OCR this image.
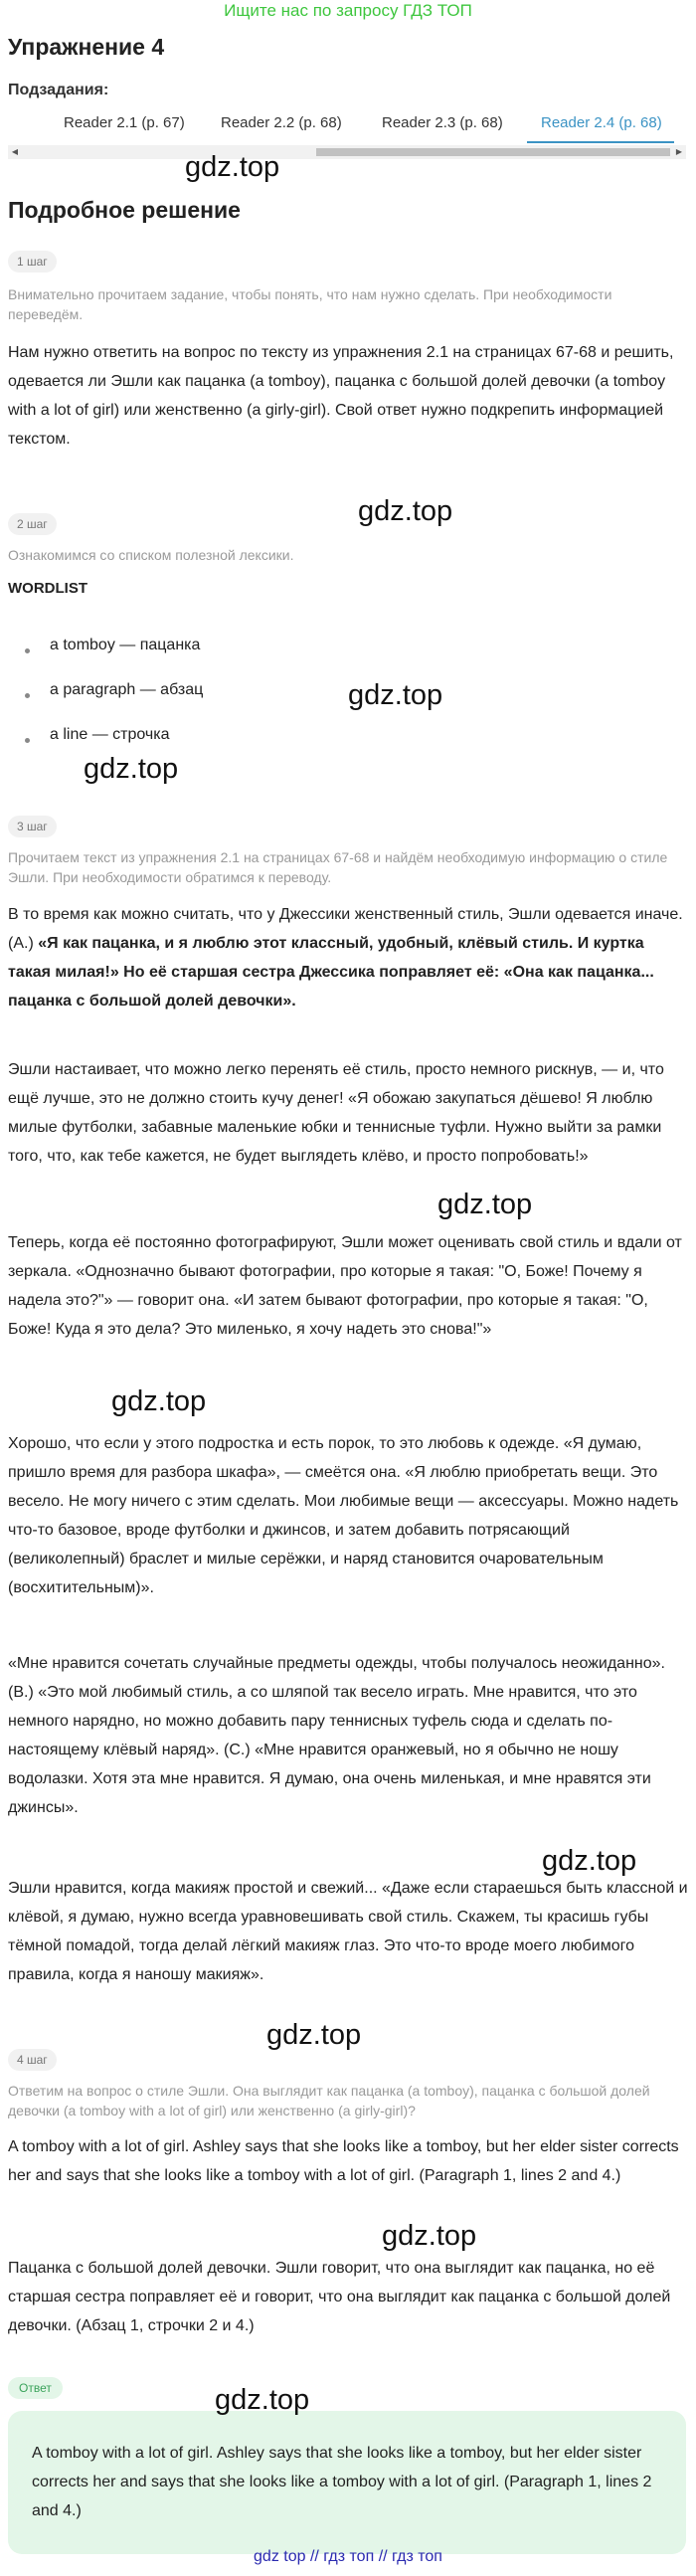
Ищите нас по запросу ГДЗ ТОП
Упражнение 4
Подзадания:
Reader 2.1 (p. 67) Reader 2.2 (p. 68)	Reader 2.3 (p. 68)	Reader 2.4 (p. 68)
◀	▶
gdz.top
Подробное решение
1 шаг
Внимательно прочитаем задание, чтобы понять, что нам нужно сделать. При необходимости переведём.
Нам нужно ответить на вопрос по тексту из упражнения 2.1 на страницах 67-68 и решить, одевается ли Эшли как пацанка (a tomboy), пацанка с большой долей девочки (a tomboy with a lot of girl) или женственно (a girly-girl). Свой ответ нужно подкрепить информацией текстом.
2 шаг	gdz.top
Ознакомимся со списком полезной лексики.
WORDLIST
a tomboy — пацанка
a paragraph — абзац	gdz.top
a line — строчка
gdz.top
3 шаг
Прочитаем текст из упражнения 2.1 на страницах 67-68 и найдём необходимую информацию о стиле Эшли. При необходимости обратимся к переводу.
В то время как можно считать, что у Джессики женственный стиль, Эшли одевается иначе. (А.) «Я как пацанка, и я люблю этот классный, удобный, клёвый стиль. И куртка такая милая!» Но её старшая сестра Джессика поправляет её: «Она как пацанка... пацанка с большой долей девочки».
Эшли настаивает, что можно легко перенять её стиль, просто немного рискнув, — и, что ещё лучше, это не должно стоить кучу денег! «Я обожаю закупаться дёшево! Я люблю милые футболки, забавные маленькие юбки и теннисные туфли. Нужно выйти за рамки того, что, как тебе кажется, не будет выглядеть клёво, и просто попробовать!»
gdz.top
Теперь, когда её постоянно фотографируют, Эшли может оценивать свой стиль и вдали от зеркала. «Однозначно бывают фотографии, про которые я такая: "О, Боже! Почему я надела это?"» — говорит она. «И затем бывают фотографии, про которые я такая: "О, Боже! Куда я это дела? Это миленько, я хочу надеть это снова!"»
gdz.top
Хорошо, что если у этого подростка и есть порок, то это любовь к одежде. «Я думаю, пришло время для разбора шкафа», — смеётся она. «Я люблю приобретать вещи. Это весело. Не могу ничего с этим сделать. Мои любимые вещи — аксессуары. Можно надеть что-то базовое, вроде футболки и джинсов, и затем добавить потрясающий (великолепный) браслет и милые серёжки, и наряд становится очаровательным (восхитительным)».
«Мне нравится сочетать случайные предметы одежды, чтобы получалось неожиданно». (В.) «Это мой любимый стиль, а со шляпой так весело играть. Мне нравится, что это немного нарядно, но можно добавить пару теннисных туфель сюда и сделать по-настоящему клёвый наряд». (С.) «Мне нравится оранжевый, но я обычно не ношу водолазки. Хотя эта мне нравится. Я думаю, она очень миленькая, и мне нравятся эти джинсы».
gdz.top
Эшли нравится, когда макияж простой и свежий... «Даже если стараешься быть классной и клёвой, я думаю, нужно всегда уравновешивать свой стиль. Скажем, ты красишь губы тёмной помадой, тогда делай лёгкий макияж глаз. Это что-то вроде моего любимого правила, когда я наношу макияж».
gdz.top
4 шаг
Ответим на вопрос о стиле Эшли. Она выглядит как пацанка (a tomboy), пацанка с большой долей девочки (a tomboy with a lot of girl) или женственно (a girly-girl)?
A tomboy with a lot of girl. Ashley says that she looks like a tomboy, but her elder sister corrects her and says that she looks like a tomboy with a lot of girl. (Paragraph 1, lines 2 and 4.)
gdz.top
Пацанка с большой долей девочки. Эшли говорит, что она выглядит как пацанка, но её старшая сестра поправляет её и говорит, что она выглядит как пацанка с большой долей девочки. (Абзац 1, строчки 2 и 4.)
Ответ	gdz.top
A tomboy with a lot of girl. Ashley says that she looks like a tomboy, but her elder sister corrects her and says that she looks like a tomboy with a lot of girl. (Paragraph 1, lines 2 and 4.)
gdz top // гдз топ // гдз топ
